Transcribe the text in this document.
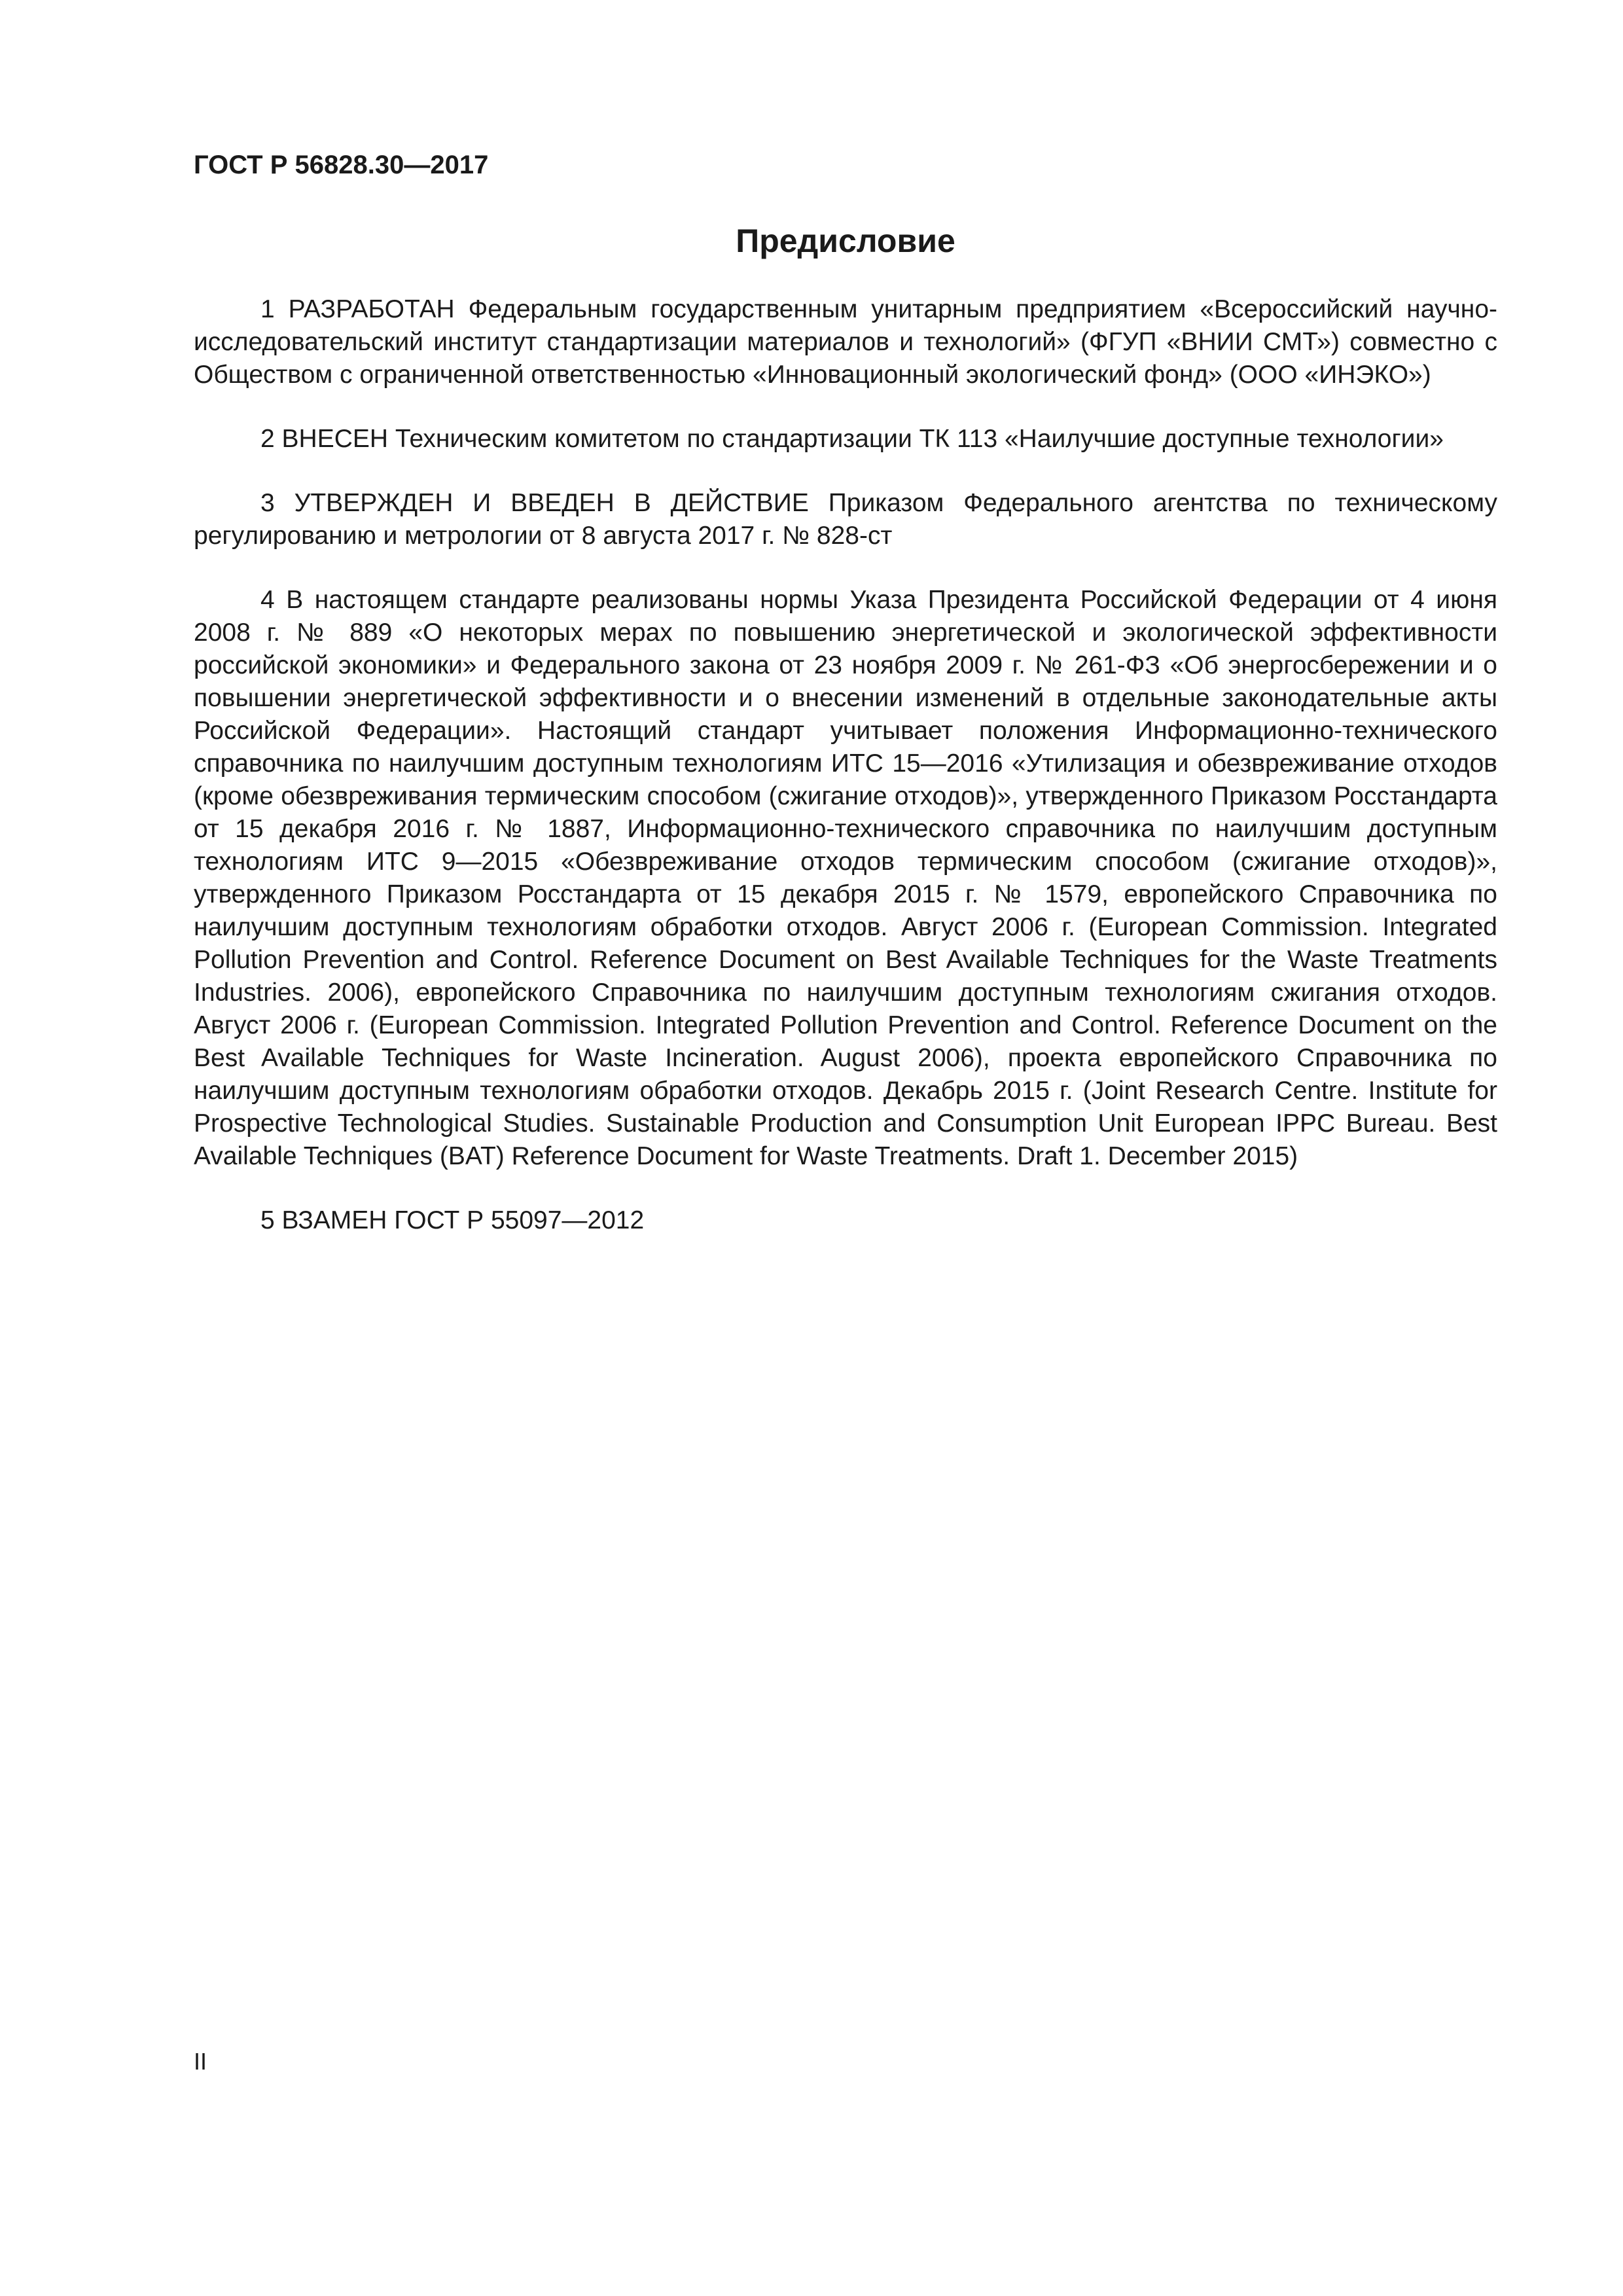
ГОСТ Р 56828.30—2017

Предисловие

1 РАЗРАБОТАН Федеральным государственным унитарным предприятием «Всероссийский научно-исследовательский институт стандартизации материалов и технологий» (ФГУП «ВНИИ СМТ») совместно с Обществом с ограниченной ответственностью «Инновационный экологический фонд» (ООО «ИНЭКО»)

2 ВНЕСЕН Техническим комитетом по стандартизации ТК 113 «Наилучшие доступные технологии»

3 УТВЕРЖДЕН И ВВЕДЕН В ДЕЙСТВИЕ Приказом Федерального агентства по техническому регулированию и метрологии от 8 августа 2017 г. № 828-ст

4 В настоящем стандарте реализованы нормы Указа Президента Российской Федерации от 4 июня 2008 г. № 889 «О некоторых мерах по повышению энергетической и экологической эффективности российской экономики» и Федерального закона от 23 ноября 2009 г. № 261-ФЗ «Об энергосбережении и о повышении энергетической эффективности и о внесении изменений в отдельные законодательные акты Российской Федерации». Настоящий стандарт учитывает положения Информационно-технического справочника по наилучшим доступным технологиям ИТС 15—2016 «Утилизация и обезвреживание отходов (кроме обезвреживания термическим способом (сжигание отходов)», утвержденного Приказом Росстандарта от 15 декабря 2016 г. № 1887, Информационно-технического справочника по наилучшим доступным технологиям ИТС 9—2015 «Обезвреживание отходов термическим способом (сжигание отходов)», утвержденного Приказом Росстандарта от 15 декабря 2015 г. № 1579, европейского Справочника по наилучшим доступным технологиям обработки отходов. Август 2006 г. (European Commission. Integrated Pollution Prevention and Control. Reference Document on Best Available Techniques for the Waste Treatments Industries. 2006), европейского Справочника по наилучшим доступным технологиям сжигания отходов. Август 2006 г. (European Commission. Integrated Pollution Prevention and Control. Reference Document on the Best Available Techniques for Waste Incineration. August 2006), проекта европейского Справочника по наилучшим доступным технологиям обработки отходов. Декабрь 2015 г. (Joint Research Centre. Institute for Prospective Technological Studies. Sustainable Production and Consumption Unit European IPPC Bureau. Best Available Techniques (BAT) Reference Document for Waste Treatments. Draft 1. December 2015)

5 ВЗАМЕН ГОСТ Р 55097—2012

II
